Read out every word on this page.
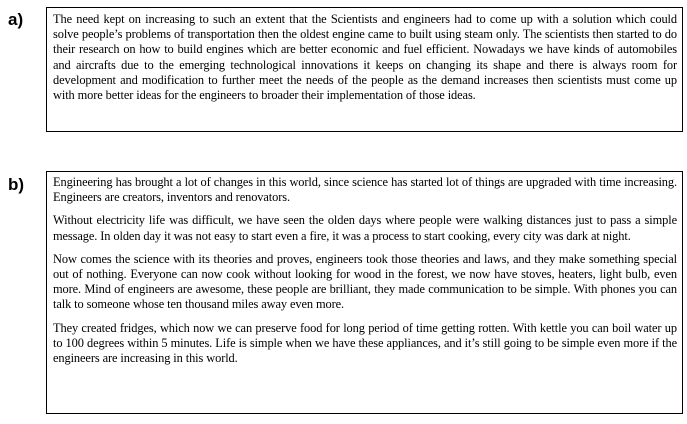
a) The need kept on increasing to such an extent that the Scientists and engineers had to come up with a solution which could solve people’s problems of transportation then the oldest engine came to built using steam only. The scientists then started to do their research on how to build engines which are better economic and fuel efficient. Nowadays we have kinds of automobiles and aircrafts due to the emerging technological innovations it keeps on changing its shape and there is always room for development and modification to further meet the needs of the people as the demand increases then scientists must come up with more better ideas for the engineers to broader their implementation of those ideas.

b) Engineering has brought a lot of changes in this world, since science has started lot of things are upgraded with time increasing. Engineers are creators, inventors and renovators.

Without electricity life was difficult, we have seen the olden days where people were walking distances just to pass a simple message. In olden day it was not easy to start even a fire, it was a process to start cooking, every city was dark at night.

Now comes the science with its theories and proves, engineers took those theories and laws, and they make something special out of nothing. Everyone can now cook without looking for wood in the forest, we now have stoves, heaters, light bulb, even more. Mind of engineers are awesome, these people are brilliant, they made communication to be simple. With phones you can talk to someone whose ten thousand miles away even more.

They created fridges, which now we can preserve food for long period of time getting rotten. With kettle you can boil water up to 100 degrees within 5 minutes. Life is simple when we have these appliances, and it’s still going to be simple even more if the engineers are increasing in this world.
